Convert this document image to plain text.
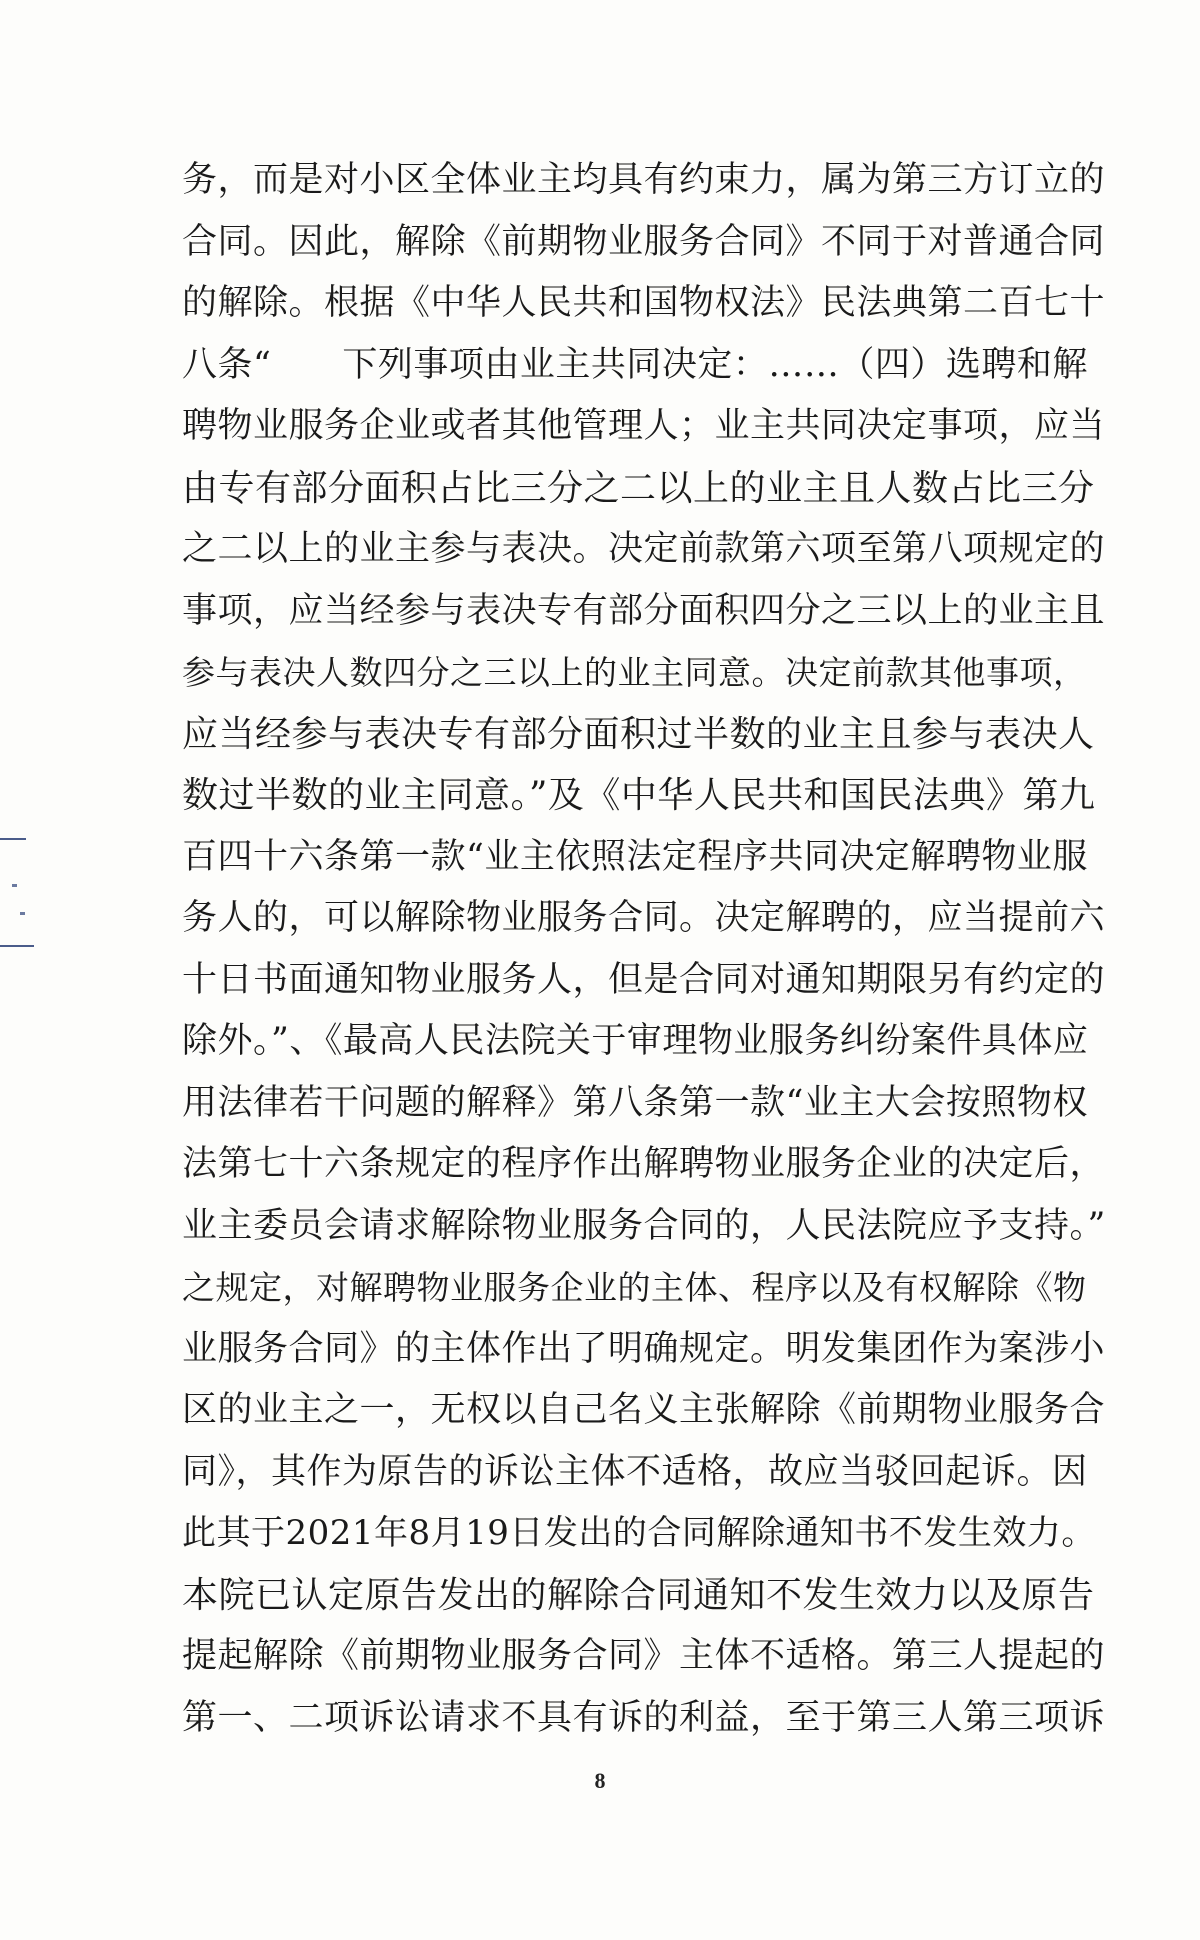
务，而是对小区全体业主均具有约束力，属为第三方订立的
合同。因此，解除《前期物业服务合同》不同于对普通合同
的解除。根据《中华人民共和国物权法》民法典第二百七十
八条“　　下列事项由业主共同决定：……（四）选聘和解
聘物业服务企业或者其他管理人；业主共同决定事项，应当
由专有部分面积占比三分之二以上的业主且人数占比三分
之二以上的业主参与表决。决定前款第六项至第八项规定的
事项，应当经参与表决专有部分面积四分之三以上的业主且
参与表决人数四分之三以上的业主同意。决定前款其他事项，
应当经参与表决专有部分面积过半数的业主且参与表决人
数过半数的业主同意。”及《中华人民共和国民法典》第九
百四十六条第一款“业主依照法定程序共同决定解聘物业服
务人的，可以解除物业服务合同。决定解聘的，应当提前六
十日书面通知物业服务人，但是合同对通知期限另有约定的
除外。”、《最高人民法院关于审理物业服务纠纷案件具体应
用法律若干问题的解释》第八条第一款“业主大会按照物权
法第七十六条规定的程序作出解聘物业服务企业的决定后，
业主委员会请求解除物业服务合同的，人民法院应予支持。”
之规定，对解聘物业服务企业的主体、程序以及有权解除《物
业服务合同》的主体作出了明确规定。明发集团作为案涉小
区的业主之一，无权以自己名义主张解除《前期物业服务合
同》，其作为原告的诉讼主体不适格，故应当驳回起诉。因
此其于2021年8月19日发出的合同解除通知书不发生效力。
本院已认定原告发出的解除合同通知不发生效力以及原告
提起解除《前期物业服务合同》主体不适格。第三人提起的
第一、二项诉讼请求不具有诉的利益，至于第三人第三项诉
8
